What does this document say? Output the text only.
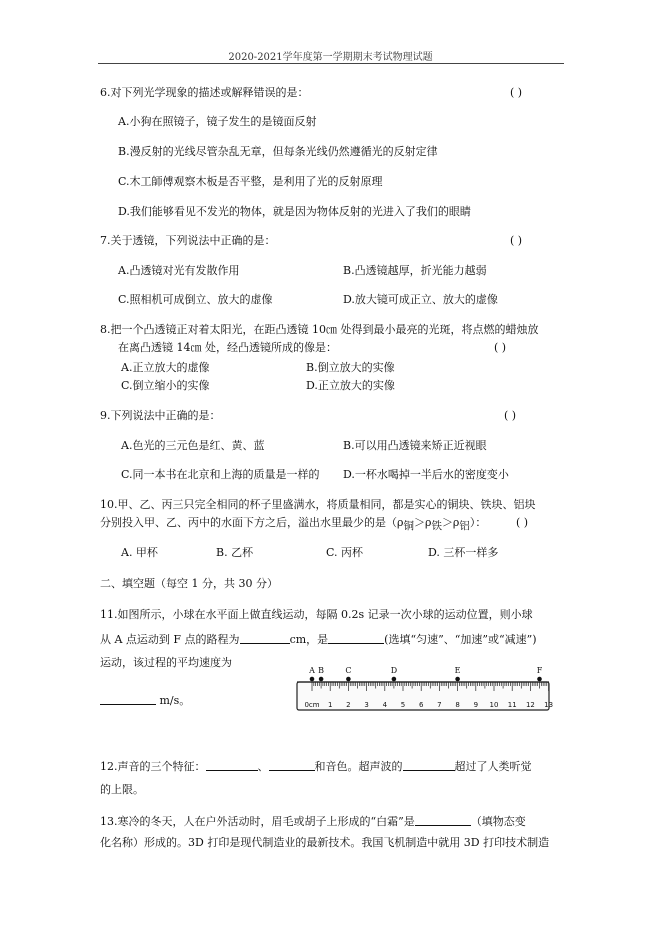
2020-2021学年度第一学期期末考试物理试题
6.对下列光学现象的描述或解释错误的是：	( )
A.小狗在照镜子，镜子发生的是镜面反射
B.漫反射的光线尽管杂乱无章，但每条光线仍然遵循光的反射定律
C.木工師傅观察木板是否平整，是利用了光的反射原理
D.我们能够看见不发光的物体，就是因为物体反射的光进入了我们的眼睛
7.关于透镜，下列说法中正确的是：	( )
A.凸透镜对光有发散作用	B.凸透镜越厚，折光能力越弱
C.照相机可成倒立、放大的虚像	D.放大镜可成正立、放大的虚像
8.把一个凸透镜正对着太阳光，在距凸透镜 10㎝ 处得到最小最亮的光斑，将点燃的蜡烛放
在离凸透镜 14㎝ 处，经凸透镜所成的像是：	( )
A.正立放大的虚像	B.倒立放大的实像
C.倒立缩小的实像	D.正立放大的实像
9.下列说法中正确的是：	( )
A.色光的三元色是红、黄、蓝	B.可以用凸透镜来矫正近视眼
C.同一本书在北京和上海的质量是一样的 D.一杯水喝掉一半后水的密度变小
10.甲、乙、丙三只完全相同的杯子里盛满水，将质量相同，都是实心的铜块、铁块、铝块
分别投入甲、乙、丙中的水面下方之后，溢出水里最少的是$(\rho_铜>\rho_铁>\rho_铝)$：	( )
A. 甲杯	B. 乙杯	C. 丙杯	D. 三杯一样多
二、填空题（每空 1 分，共 30 分）
11.如图所示，小球在水平面上做直线运动，每隔 0.2s 记录一次小球的运动位置，则小球
从 A 点运动到 F 点的路程为	cm，是	(选填“匀速”、“加速”或“减速”)
运动，该过程的平均速度为
m/s。	0cm 1 2 3 4 5 6 7 8 9 10 11 12 13
A B	C	D	E	F
12.声音的三个特征：	、	和音色。超声波的	超过了人类听觉
的上限。
13.寒冷的冬天，人在户外活动时，眉毛或胡子上形成的“白霜”是	（填物态变
化名称）形成的。3D 打印是现代制造业的最新技术。我国飞机制造中就用 3D 打印技术制造
